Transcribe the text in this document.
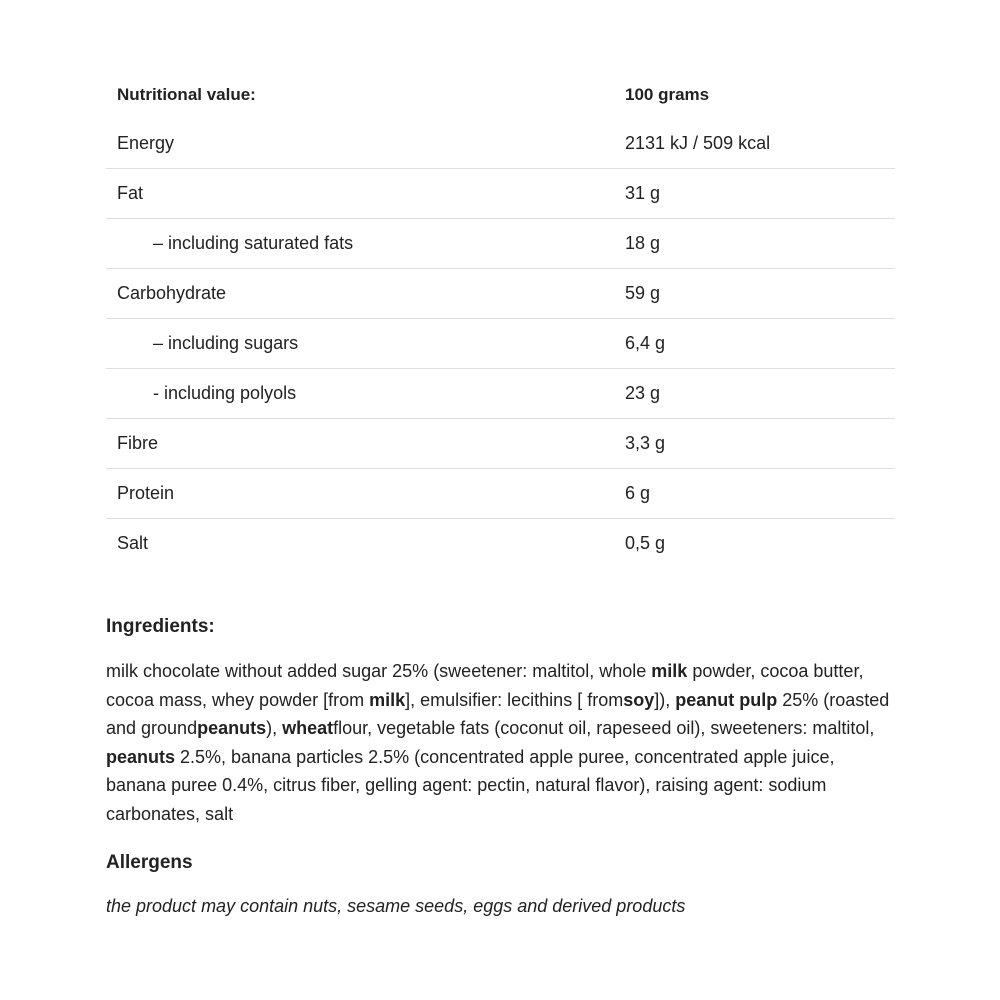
Nutritional value:	100 grams
Energy	2131 kJ / 509 kcal
Fat	31 g
– including saturated fats	18 g
Carbohydrate	59 g
– including sugars	6,4 g
- including polyols	23 g
Fibre	3,3 g
Protein	6 g
Salt	0,5 g
Ingredients:

milk chocolate without added sugar 25% (sweetener: maltitol, whole milk powder, cocoa butter, cocoa mass, whey powder [from milk], emulsifier: lecithins [ fromsoy]), peanut pulp 25% (roasted and groundpeanuts), wheatflour, vegetable fats (coconut oil, rapeseed oil), sweeteners: maltitol, peanuts 2.5%, banana particles 2.5% (concentrated apple puree, concentrated apple juice, banana puree 0.4%, citrus fiber, gelling agent: pectin, natural flavor), raising agent: sodium carbonates, salt

Allergens

the product may contain nuts, sesame seeds, eggs and derived products
